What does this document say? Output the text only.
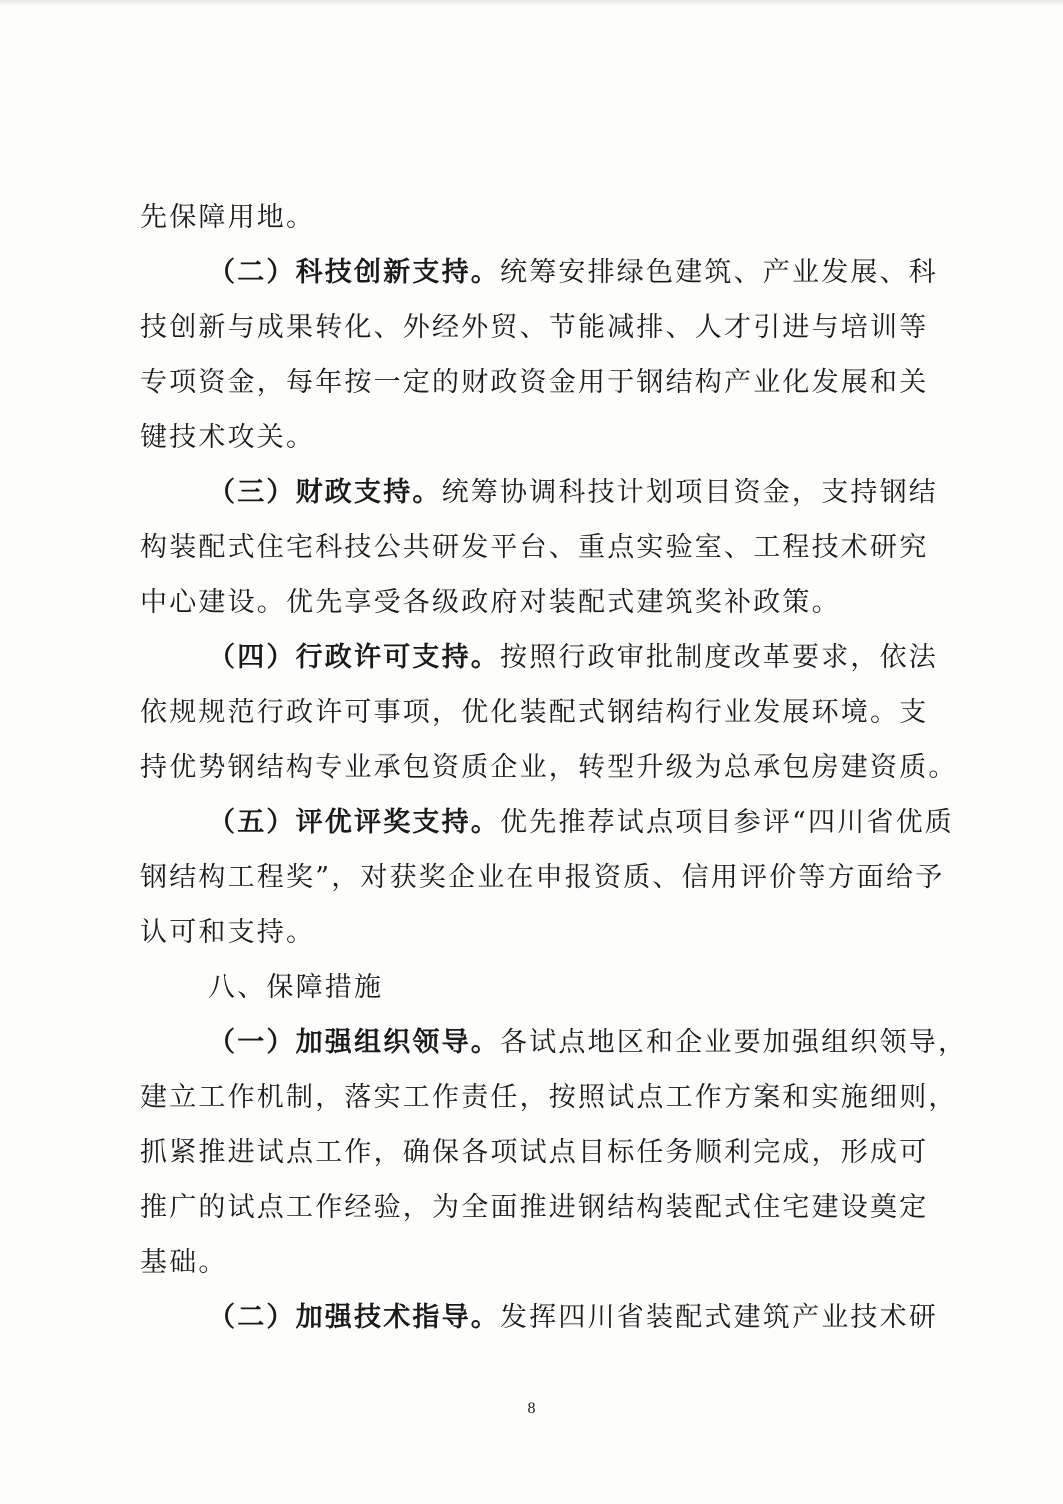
先保障用地。
（二）科技创新支持。统筹安排绿色建筑、产业发展、科
技创新与成果转化、外经外贸、节能减排、人才引进与培训等
专项资金，每年按一定的财政资金用于钢结构产业化发展和关
键技术攻关。
（三）财政支持。统筹协调科技计划项目资金，支持钢结
构装配式住宅科技公共研发平台、重点实验室、工程技术研究
中心建设。优先享受各级政府对装配式建筑奖补政策。
（四）行政许可支持。按照行政审批制度改革要求，依法
依规规范行政许可事项，优化装配式钢结构行业发展环境。支
持优势钢结构专业承包资质企业，转型升级为总承包房建资质。
（五）评优评奖支持。优先推荐试点项目参评“四川省优质
钢结构工程奖”，对获奖企业在申报资质、信用评价等方面给予
认可和支持。
八、保障措施
（一）加强组织领导。各试点地区和企业要加强组织领导，
建立工作机制，落实工作责任，按照试点工作方案和实施细则，
抓紧推进试点工作，确保各项试点目标任务顺利完成，形成可
推广的试点工作经验，为全面推进钢结构装配式住宅建设奠定
基础。
（二）加强技术指导。发挥四川省装配式建筑产业技术研
8
